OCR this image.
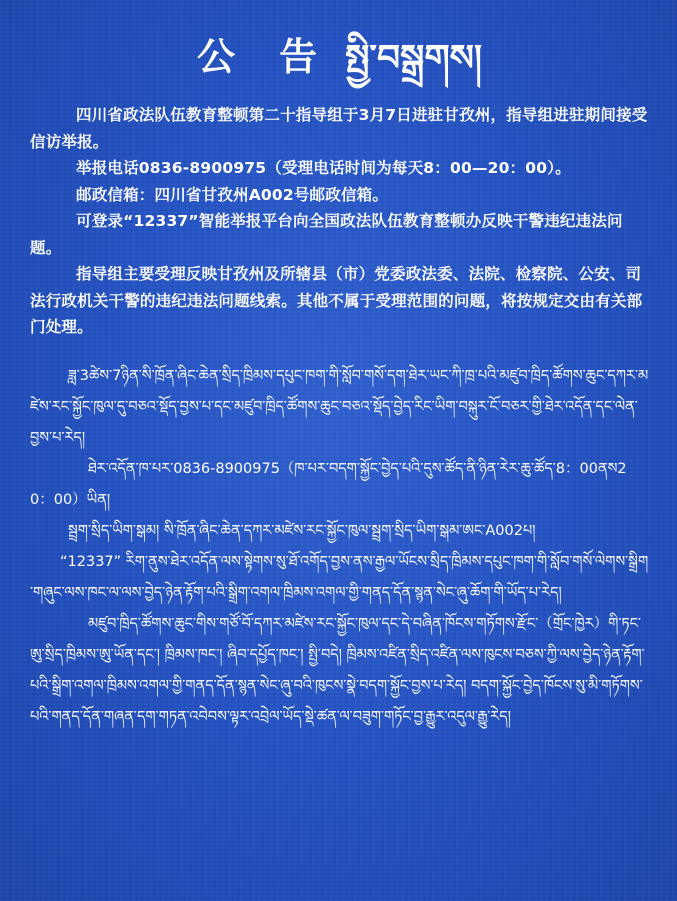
公 告 སྤྱི་བསྒྲགས།

四川省政法队伍教育整顿第二十指导组于3月7日进驻甘孜州，指导组进驻期间接受信访举报。

举报电话0836-8900975（受理电话时间为每天8：00—20：00）。

邮政信箱：四川省甘孜州A002号邮政信箱。

可登录“12337”智能举报平台向全国政法队伍教育整顿办反映干警违纪违法问题。

指导组主要受理反映甘孜州及所辖县（市）党委政法委、法院、检察院、公安、司法行政机关干警的违纪违法问题线索。其他不属于受理范围的问题，将按规定交由有关部门处理。

ཟླ་3ཚེས་7ཉིན་སི་ཁྲོན་ཞིང་ཆེན་སྲིད་ཁྲིམས་དཔུང་ཁག་གི་སློབ་གསོ་དག་ཐེར་ཡང་ཀི་ཁྲ་པའི་མཛུབ་ཁྲིད་ཚོགས་ཆུང་དཀར་མཛེས་རང་སྐྱོང་ཁུལ་དུ་བཅའ་སྡོད་བྱས་པ་དང་མཛུབ་ཁྲིད་ཚོགས་ཆུང་བཅའ་སྡོད་བྱེད་རིང་ཡིག་བསྐུར་ངོ་བཅར་གྱི་ཐེར་འདོན་དང་ལེན་བྱས་པ་རེད།

ཐེར་འདོན་ཁ་པར་0836-8900975（ཁ་པར་བདག་སྐྱོང་བྱེད་པའི་དུས་ཚོད་ནི་ཉིན་རེར་ཆུ་ཚོད་8：00ནས20：00）ཡིན།

སྦྲག་སྲིད་ཡིག་སྒམ། སི་ཁྲོན་ཞིང་ཆེན་དཀར་མཛེས་རང་སྐྱོང་ཁུལ་སྦྲག་སྲིད་ཡིག་སྒམ་ཨང་A002པ།

“12337” རིག་ནུས་ཐེར་འདོན་ལས་སྟེགས་སུ་ཐོ་འགོད་བྱས་ནས་རྒྱལ་ཡོངས་སྲིད་ཁྲིམས་དཔུང་ཁག་གི་སློབ་གསོ་ལེགས་སྒྲིག་གཞུང་ལས་ཁང་ལ་ལས་བྱེད་ཉེན་རྟོག་པའི་སྒྲིག་འགལ་ཁྲིམས་འགལ་གྱི་གནད་དོན་སྙན་སེང་ཞུ་ཆོག་གི་ཡོད་པ་རེད།

མཛུབ་ཁྲིད་ཚོགས་ཆུང་གིས་གཙོ་བོ་དཀར་མཛེས་རང་སྐྱོང་ཁུལ་དང་དེ་བཞིན་ཁོངས་གཏོགས་རྫོང་（གྲོང་ཁྱེར）གི་ཏང་ཨུ་སྲིད་ཁྲིམས་ཨུ་ཡོན་དང་། ཁྲིམས་ཁང་། ཞིབ་དཔྱོད་ཁང་། སྤྱི་བདེ། ཁྲིམས་འཛིན་སྲིད་འཛིན་ལས་ཁུངས་བཅས་ཀྱི་ལས་བྱེད་ཉེན་རྟོག་པའི་སྒྲིག་འགལ་ཁྲིམས་འགལ་གྱི་གནད་དོན་སྙན་སེང་ཞུ་བའི་ཁུངས་སྣེ་བདག་སྐྱོང་བྱས་པ་རེད། བདག་སྐྱོང་བྱེད་ཁོངས་སུ་མི་གཏོགས་པའི་གནད་དོན་གཞན་དག་གཏན་འབེབས་ལྟར་འབྲེལ་ཡོད་སྡེ་ཚན་ལ་བཟུག་གཏོང་བྱ་རྒྱུར་འདུལ་རྒྱུ་རེད།
